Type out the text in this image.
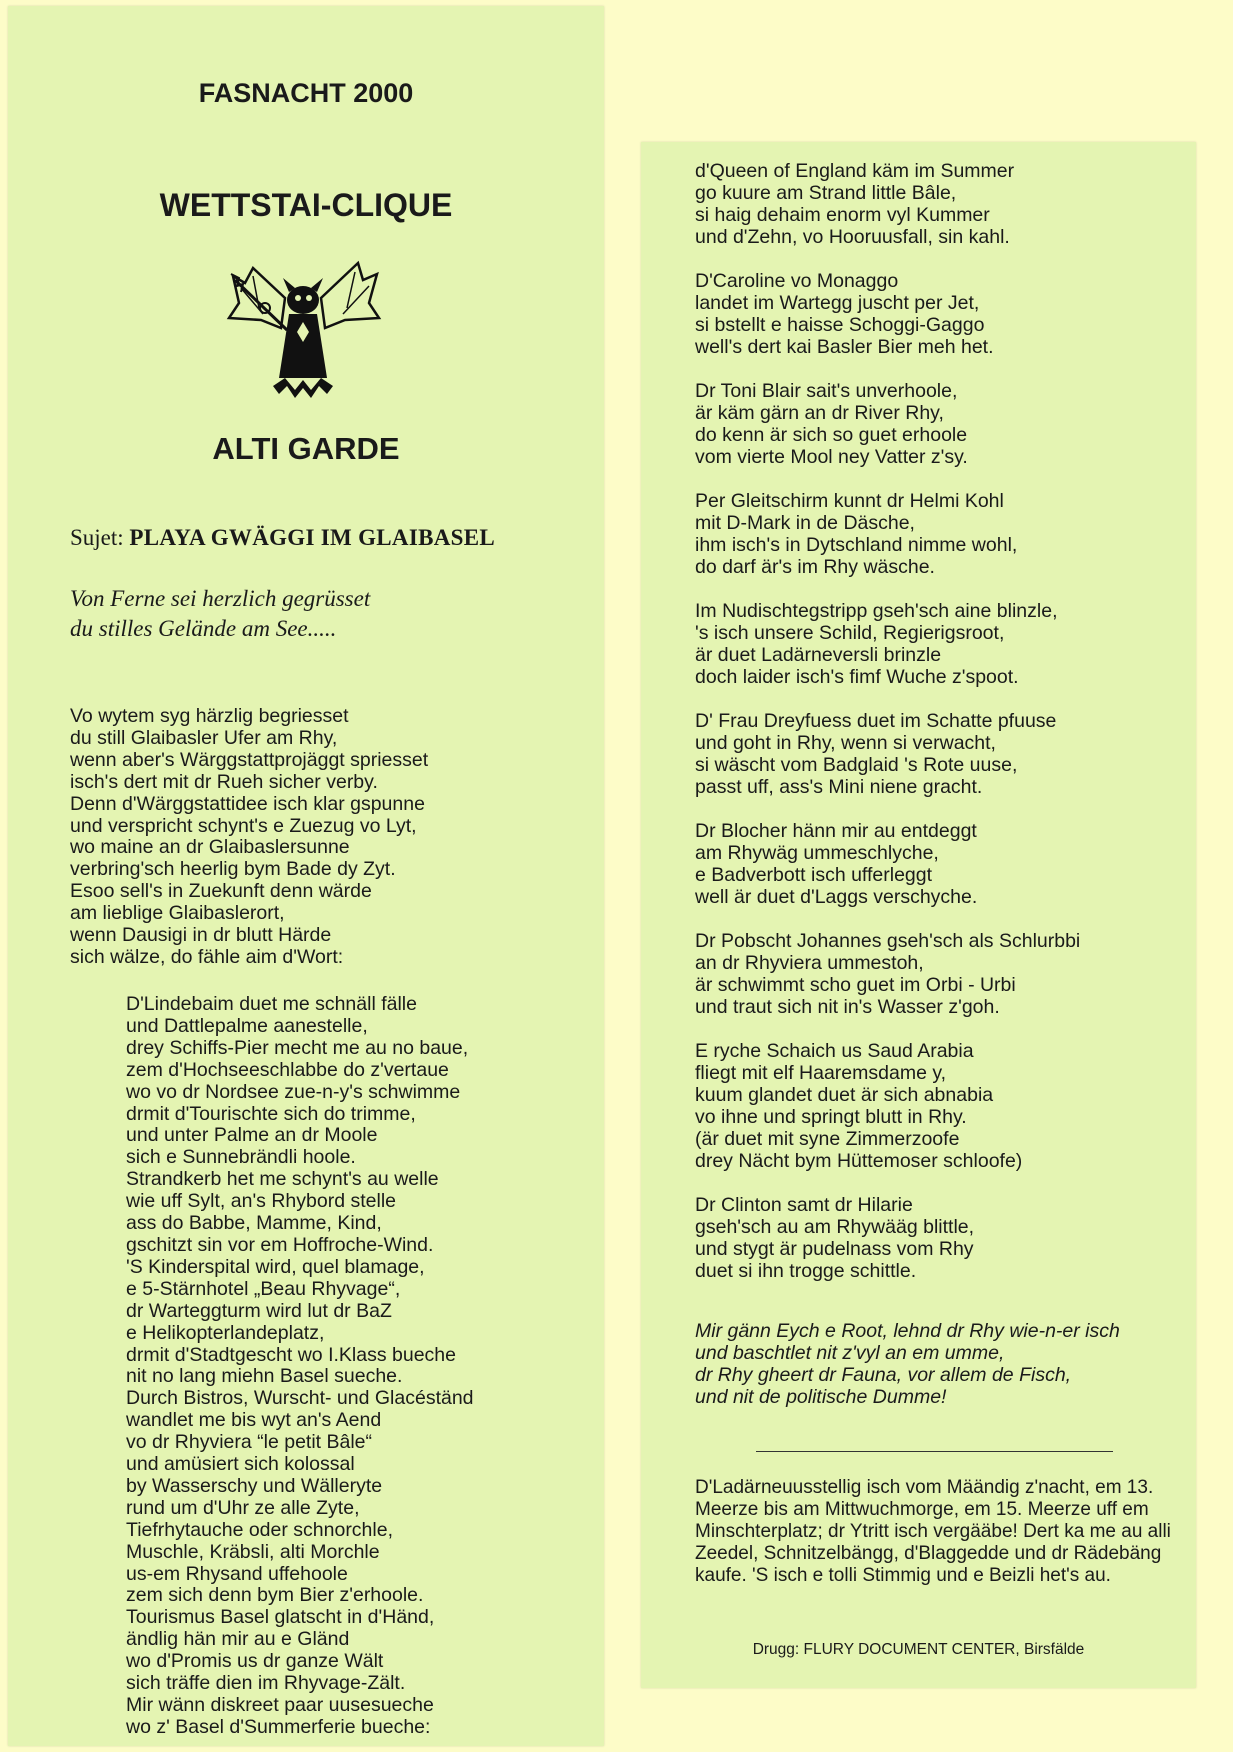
FASNACHT 2000
WETTSTAI-CLIQUE
ALTI GARDE
Sujet: PLAYA GWÄGGI IM GLAIBASEL
Von Ferne sei herzlich gegrüsset
du stilles Gelände am See.....
Vo wytem syg härzlig begriesset
du still Glaibasler Ufer am Rhy,
wenn aber's Wärggstattprojäggt spriesset
isch's dert mit dr Rueh sicher verby.
Denn d'Wärggstattidee isch klar gspunne
und verspricht schynt's e Zuezug vo Lyt,
wo maine an dr Glaibaslersunne
verbring'sch heerlig bym Bade dy Zyt.
Esoo sell's in Zuekunft denn wärde
am lieblige Glaibaslerort,
wenn Dausigi in dr blutt Härde
sich wälze, do fähle aim d'Wort:
D'Lindebaim duet me schnäll fälle
und Dattlepalme aanestelle,
drey Schiffs-Pier mecht me au no baue,
zem d'Hochseeschlabbe do z'vertaue
wo vo dr Nordsee zue-n-y's schwimme
drmit d'Tourischte sich do trimme,
und unter Palme an dr Moole
sich e Sunnebrändli hoole.
Strandkerb het me schynt's au welle
wie uff Sylt, an's Rhybord stelle
ass do Babbe, Mamme, Kind,
gschitzt sin vor em Hoffroche-Wind.
'S Kinderspital wird, quel blamage,
e 5-Stärnhotel „Beau Rhyvage“,
dr Warteggturm wird lut dr BaZ
e Helikopterlandeplatz,
drmit d'Stadtgescht wo I.Klass bueche
nit no lang miehn Basel sueche.
Durch Bistros, Wurscht- und Glacéständ
wandlet me bis wyt an's Aend
vo dr Rhyviera “le petit Bâle“
und amüsiert sich kolossal
by Wasserschy und Wälleryte
rund um d'Uhr ze alle Zyte,
Tiefrhytauche oder schnorchle,
Muschle, Kräbsli, alti Morchle
us-em Rhysand uffehoole
zem sich denn bym Bier z'erhoole.
Tourismus Basel glatscht in d'Händ,
ändlig hän mir au e Gländ
wo d'Promis us dr ganze Wält
sich träffe dien im Rhyvage-Zält.
Mir wänn diskreet paar uusesueche
wo z' Basel d'Summerferie bueche:
d'Queen of England käm im Summer
go kuure am Strand little Bâle,
si haig dehaim enorm vyl Kummer
und d'Zehn, vo Hooruusfall, sin kahl.
D'Caroline vo Monaggo
landet im Wartegg juscht per Jet,
si bstellt e haisse Schoggi-Gaggo
well's dert kai Basler Bier meh het.
Dr Toni Blair sait's unverhoole,
är käm gärn an dr River Rhy,
do kenn är sich so guet erhoole
vom vierte Mool ney Vatter z'sy.
Per Gleitschirm kunnt dr Helmi Kohl
mit D-Mark in de Däsche,
ihm isch's in Dytschland nimme wohl,
do darf är's im Rhy wäsche.
Im Nudischtegstripp gseh'sch aine blinzle,
's isch unsere Schild, Regierigsroot,
är duet Ladärneversli brinzle
doch laider isch's fimf Wuche z'spoot.
D' Frau Dreyfuess duet im Schatte pfuuse
und goht in Rhy, wenn si verwacht,
si wäscht vom Badglaid 's Rote uuse,
passt uff, ass's Mini niene gracht.
Dr Blocher hänn mir au entdeggt
am Rhywäg ummeschlyche,
e Badverbott isch ufferleggt
well är duet d'Laggs verschyche.
Dr Pobscht Johannes gseh'sch als Schlurbbi
an dr Rhyviera ummestoh,
är schwimmt scho guet im Orbi - Urbi
und traut sich nit in's Wasser z'goh.
E ryche Schaich us Saud Arabia
fliegt mit elf Haaremsdame y,
kuum glandet duet är sich abnabia
vo ihne und springt blutt in Rhy.
(är duet mit syne Zimmerzoofe
drey Nächt bym Hüttemoser schloofe)
Dr Clinton samt dr Hilarie
gseh'sch au am Rhywääg blittle,
und stygt är pudelnass vom Rhy
duet si ihn trogge schittle.
Mir gänn Eych e Root, lehnd dr Rhy wie-n-er isch
und baschtlet nit z'vyl an em umme,
dr Rhy gheert dr Fauna, vor allem de Fisch,
und nit de politische Dumme!
D'Ladärneuusstellig isch vom Määndig z'nacht, em 13. Meerze bis am Mittwuchmorge, em 15. Meerze uff em Minschterplatz; dr Ytritt isch vergääbe! Dert ka me au alli Zeedel, Schnitzelbängg, d'Blaggedde und dr Rädebäng kaufe. 'S isch e tolli Stimmig und e Beizli het's au.
Drugg: FLURY DOCUMENT CENTER, Birsfälde
